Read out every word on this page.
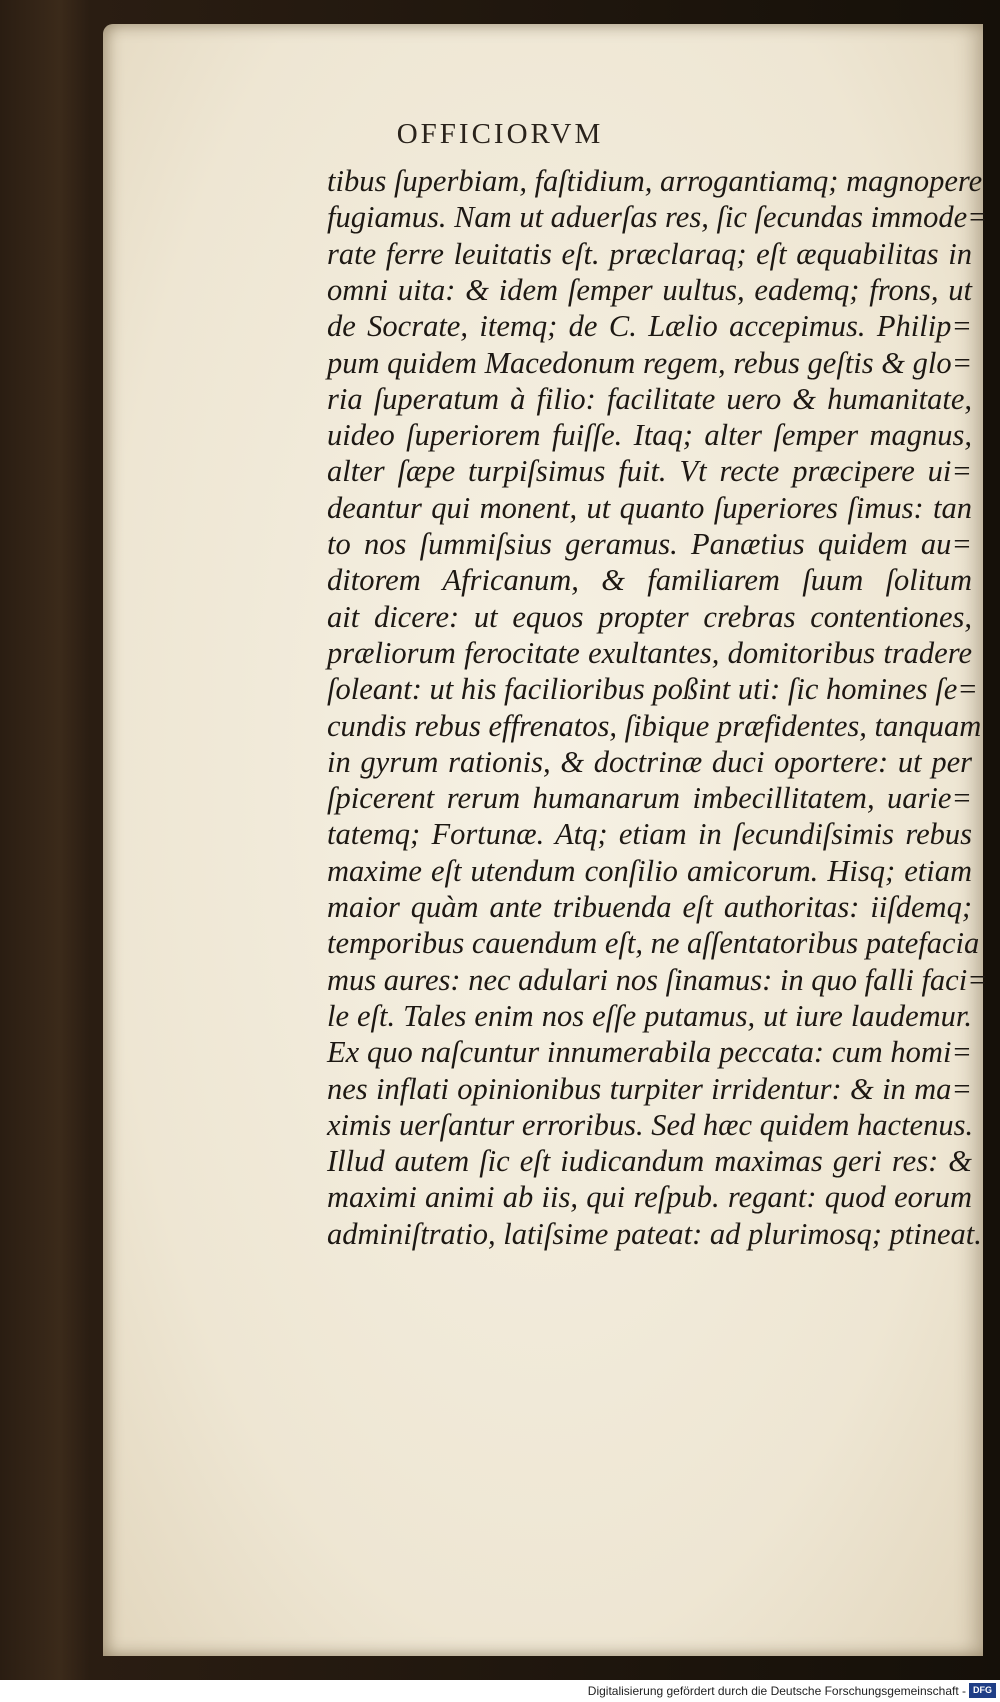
OFFICIORVM
tibus ſuperbiam, faſtidium, arrogantiamq; magnopere
fugiamus. Nam ut aduerſas res, ſic ſecundas immode=
rate ferre leuitatis eſt. præclaraq; eſt æquabilitas in
omni uita: & idem ſemper uultus, eademq; frons, ut
de Socrate, itemq; de C. Lælio accepimus. Philip=
pum quidem Macedonum regem, rebus geſtis & glo=
ria ſuperatum à filio: facilitate uero & humanitate,
uideo ſuperiorem fuiſſe. Itaq; alter ſemper magnus,
alter ſæpe turpiſsimus fuit. Vt recte præcipere ui=
deantur qui monent, ut quanto ſuperiores ſimus: tan
to nos ſummiſsius geramus. Panætius quidem au=
ditorem Africanum, & familiarem ſuum ſolitum
ait dicere: ut equos propter crebras contentiones,
præliorum ferocitate exultantes, domitoribus tradere
ſoleant: ut his facilioribus poßint uti: ſic homines ſe=
cundis rebus effrenatos, ſibique præfidentes, tanquam
in gyrum rationis, & doctrinæ duci oportere: ut per
ſpicerent rerum humanarum imbecillitatem, uarie=
tatemq; Fortunæ. Atq; etiam in ſecundiſsimis rebus
maxime eſt utendum conſilio amicorum. Hisq; etiam
maior quàm ante tribuenda eſt authoritas: iiſdemq;
temporibus cauendum eſt, ne aſſentatoribus patefacia
mus aures: nec adulari nos ſinamus: in quo falli faci=
le eſt. Tales enim nos eſſe putamus, ut iure laudemur.
Ex quo naſcuntur innumerabila peccata: cum homi=
nes inflati opinionibus turpiter irridentur: & in ma=
ximis uerſantur erroribus. Sed hæc quidem hactenus.
Illud autem ſic eſt iudicandum maximas geri res: &
maximi animi ab iis, qui reſpub. regant: quod eorum
adminiſtratio, latiſsime pateat: ad plurimosq; ptineat.
Digitalisierung gefördert durch die Deutsche Forschungsgemeinschaft - DFG
